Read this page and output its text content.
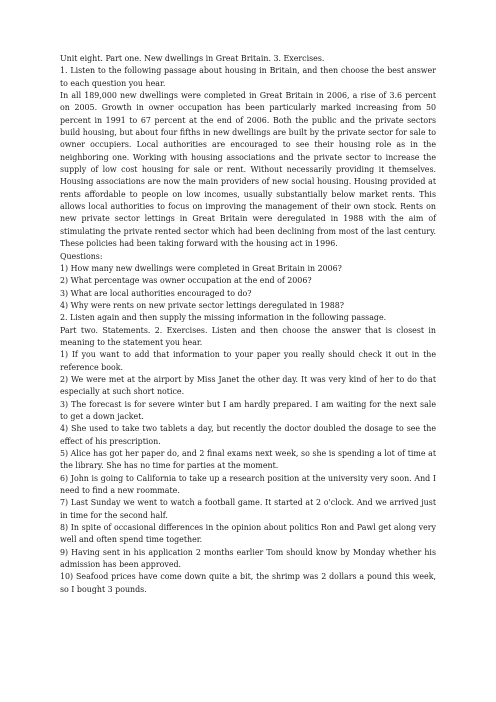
Unit eight. Part one. New dwellings in Great Britain. 3. Exercises.

1. Listen to the following passage about housing in Britain, and then choose the best answer to each question you hear.

In all 189,000 new dwellings were completed in Great Britain in 2006, a rise of 3.6 percent on 2005. Growth in owner occupation has been particularly marked increasing from 50 percent in 1991 to 67 percent at the end of 2006. Both the public and the private sectors build housing, but about four fifths in new dwellings are built by the private sector for sale to owner occupiers. Local authorities are encouraged to see their housing role as in the neighboring one. Working with housing associations and the private sector to increase the supply of low cost housing for sale or rent. Without necessarily providing it themselves. Housing associations are now the main providers of new social housing. Housing provided at rents affordable to people on low incomes, usually substantially below market rents. This allows local authorities to focus on improving the management of their own stock. Rents on new private sector lettings in Great Britain were deregulated in 1988 with the aim of stimulating the private rented sector which had been declining from most of the last century. These policies had been taking forward with the housing act in 1996.

Questions:

1) How many new dwellings were completed in Great Britain in 2006?
2) What percentage was owner occupation at the end of 2006?
3) What are local authorities encouraged to do?
4) Why were rents on new private sector lettings deregulated in 1988?

2. Listen again and then supply the missing information in the following passage.

Part two. Statements. 2. Exercises. Listen and then choose the answer that is closest in meaning to the statement you hear.

1) If you want to add that information to your paper you really should check it out in the reference book.
2) We were met at the airport by Miss Janet the other day. It was very kind of her to do that especially at such short notice.
3) The forecast is for severe winter but I am hardly prepared. I am waiting for the next sale to get a down jacket.
4) She used to take two tablets a day, but recently the doctor doubled the dosage to see the effect of his prescription.
5) Alice has got her paper do, and 2 final exams next week, so she is spending a lot of time at the library. She has no time for parties at the moment.
6) John is going to California to take up a research position at the university very soon. And I need to find a new roommate.
7) Last Sunday we went to watch a football game. It started at 2 o'clock. And we arrived just in time for the second half.
8) In spite of occasional differences in the opinion about politics Ron and Pawl get along very well and often spend time together.
9) Having sent in his application 2 months earlier Tom should know by Monday whether his admission has been approved.
10) Seafood prices have come down quite a bit, the shrimp was 2 dollars a pound this week, so I bought 3 pounds.
